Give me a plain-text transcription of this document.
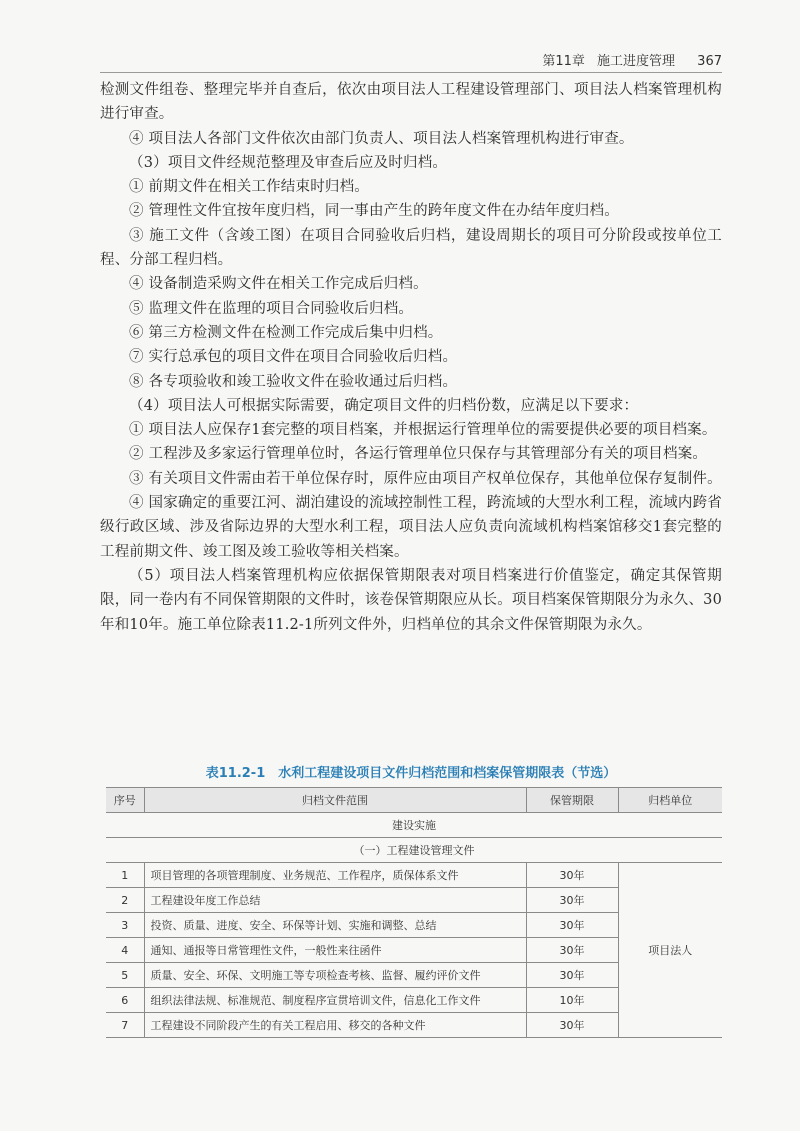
第11章 施工进度管理 367

检测文件组卷、整理完毕并自查后，依次由项目法人工程建设管理部门、项目法人档案管理机构进行审查。

④ 项目法人各部门文件依次由部门负责人、项目法人档案管理机构进行审查。

（3）项目文件经规范整理及审查后应及时归档。

① 前期文件在相关工作结束时归档。

② 管理性文件宜按年度归档，同一事由产生的跨年度文件在办结年度归档。

③ 施工文件（含竣工图）在项目合同验收后归档，建设周期长的项目可分阶段或按单位工程、分部工程归档。

④ 设备制造采购文件在相关工作完成后归档。

⑤ 监理文件在监理的项目合同验收后归档。

⑥ 第三方检测文件在检测工作完成后集中归档。

⑦ 实行总承包的项目文件在项目合同验收后归档。

⑧ 各专项验收和竣工验收文件在验收通过后归档。

（4）项目法人可根据实际需要，确定项目文件的归档份数，应满足以下要求：

① 项目法人应保存1套完整的项目档案，并根据运行管理单位的需要提供必要的项目档案。

② 工程涉及多家运行管理单位时，各运行管理单位只保存与其管理部分有关的项目档案。

③ 有关项目文件需由若干单位保存时，原件应由项目产权单位保存，其他单位保存复制件。

④ 国家确定的重要江河、湖泊建设的流域控制性工程，跨流域的大型水利工程，流域内跨省级行政区域、涉及省际边界的大型水利工程，项目法人应负责向流域机构档案馆移交1套完整的工程前期文件、竣工图及竣工验收等相关档案。

（5）项目法人档案管理机构应依据保管期限表对项目档案进行价值鉴定，确定其保管期限，同一卷内有不同保管期限的文件时，该卷保管期限应从长。项目档案保管期限分为永久、30年和10年。施工单位除表11.2-1所列文件外，归档单位的其余文件保管期限为永久。

表11.2-1　水利工程建设项目文件归档范围和档案保管期限表（节选）
序号	归档文件范围	保管期限	归档单位
建设实施			
（一）工程建设管理文件			
1	项目管理的各项管理制度、业务规范、工作程序，质保体系文件	30年	项目法人
2	工程建设年度工作总结	30年	
3	投资、质量、进度、安全、环保等计划、实施和调整、总结	30年	
4	通知、通报等日常管理性文件，一般性来往函件	30年	
5	质量、安全、环保、文明施工等专项检查考核、监督、履约评价文件	30年	
6	组织法律法规、标准规范、制度程序宣贯培训文件，信息化工作文件	10年	
7	工程建设不同阶段产生的有关工程启用、移交的各种文件	30年	
